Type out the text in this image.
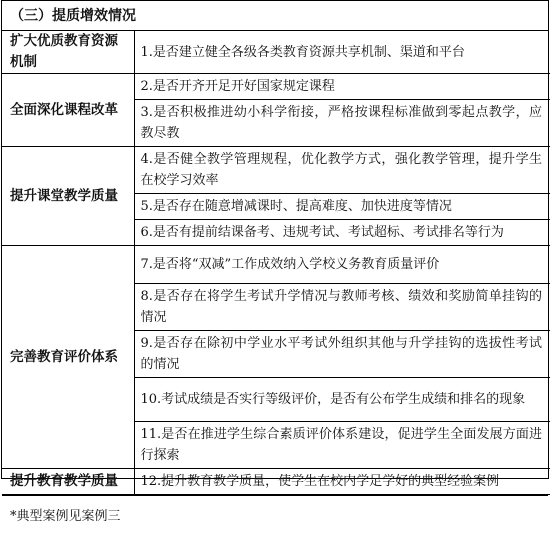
（三）提质增效情况
扩大优质教育资源机制	1.是否建立健全各级各类教育资源共享机制、渠道和平台
全面深化课程改革	2.是否开齐开足开好国家规定课程
	3.是否积极推进幼小科学衔接，严格按课程标准做到零起点教学，应教尽教
提升课堂教学质量	4.是否健全教学管理规程，优化教学方式，强化教学管理，提升学生在校学习效率
	5.是否存在随意增减课时、提高难度、加快进度等情况
	6.是否有提前结课备考、违规考试、考试超标、考试排名等行为
完善教育评价体系	7.是否将“双减”工作成效纳入学校义务教育质量评价
	8.是否存在将学生考试升学情况与教师考核、绩效和奖励简单挂钩的情况
	9.是否存在除初中学业水平考试外组织其他与升学挂钩的选拔性考试的情况
	10.考试成绩是否实行等级评价，是否有公布学生成绩和排名的现象
	11.是否在推进学生综合素质评价体系建设，促进学生全面发展方面进行探索
提升教育教学质量	12.提升教育教学质量，使学生在校内学足学好的典型经验案例
*典型案例见案例三
